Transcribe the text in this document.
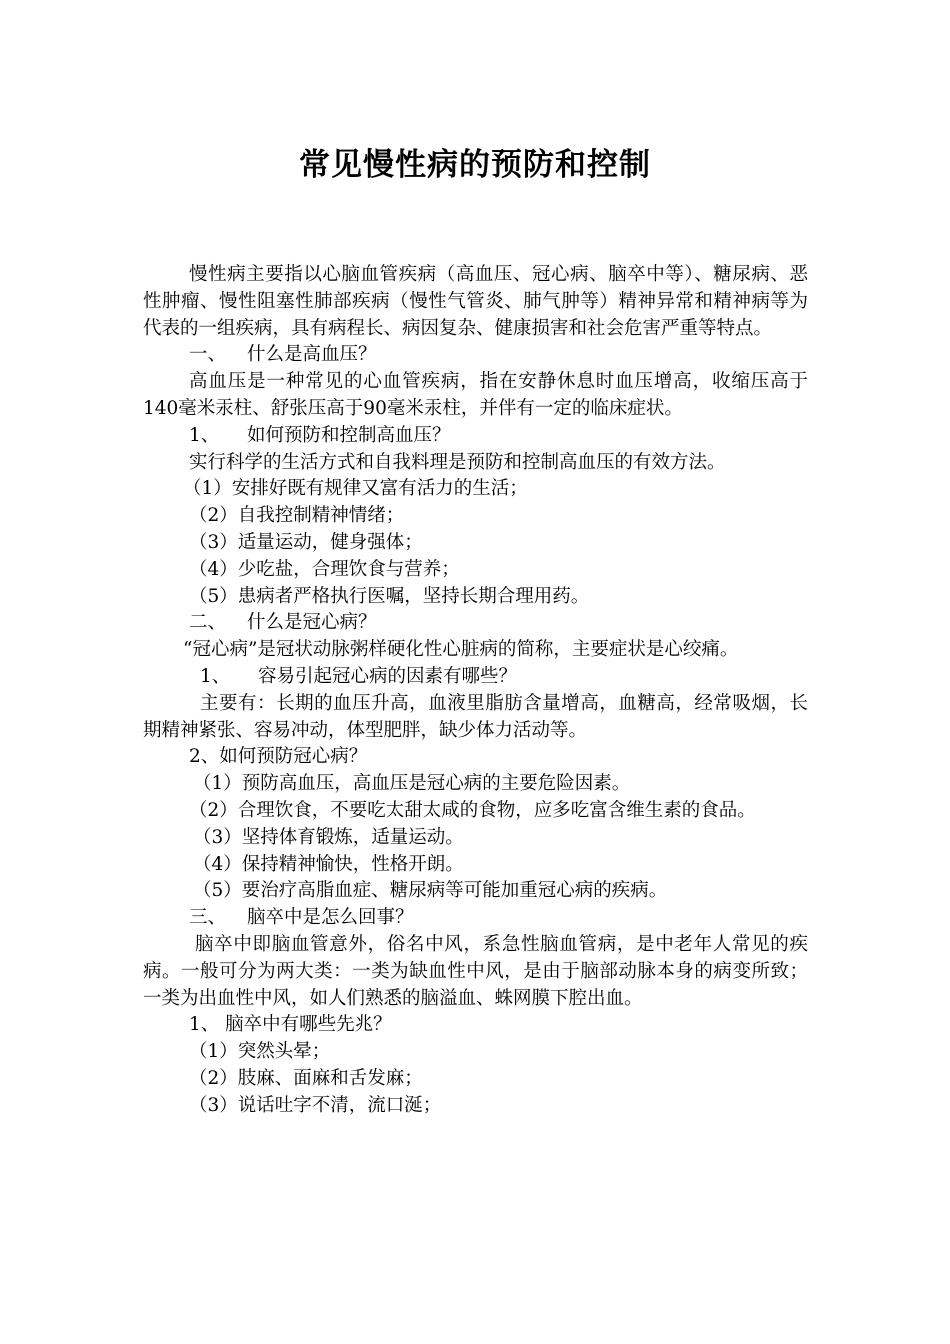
常见慢性病的预防和控制

慢性病主要指以心脑血管疾病（高血压、冠心病、脑卒中等）、糖尿病、恶性肿瘤、慢性阻塞性肺部疾病（慢性气管炎、肺气肿等）精神异常和精神病等为代表的一组疾病，具有病程长、病因复杂、健康损害和社会危害严重等特点。

一、 什么是高血压？

高血压是一种常见的心血管疾病，指在安静休息时血压增高，收缩压高于140毫米汞柱、舒张压高于90毫米汞柱，并伴有一定的临床症状。

1、 如何预防和控制高血压？

实行科学的生活方式和自我料理是预防和控制高血压的有效方法。

（1）安排好既有规律又富有活力的生活；

（2）自我控制精神情绪；

（3）适量运动，健身强体；

（4）少吃盐，合理饮食与营养；

（5）患病者严格执行医嘱，坚持长期合理用药。

二、 什么是冠心病？

“冠心病”是冠状动脉粥样硬化性心脏病的简称，主要症状是心绞痛。

1、 容易引起冠心病的因素有哪些？

主要有：长期的血压升高，血液里脂肪含量增高，血糖高，经常吸烟，长期精神紧张、容易冲动，体型肥胖，缺少体力活动等。

2、如何预防冠心病？

（1）预防高血压，高血压是冠心病的主要危险因素。

（2）合理饮食，不要吃太甜太咸的食物，应多吃富含维生素的食品。

（3）坚持体育锻炼，适量运动。

（4）保持精神愉快，性格开朗。

（5）要治疗高脂血症、糖尿病等可能加重冠心病的疾病。

三、 脑卒中是怎么回事？

脑卒中即脑血管意外，俗名中风，系急性脑血管病，是中老年人常见的疾病。一般可分为两大类：一类为缺血性中风，是由于脑部动脉本身的病变所致；一类为出血性中风，如人们熟悉的脑溢血、蛛网膜下腔出血。

1、 脑卒中有哪些先兆？

（1）突然头晕；

（2）肢麻、面麻和舌发麻；

（3）说话吐字不清，流口涎；
